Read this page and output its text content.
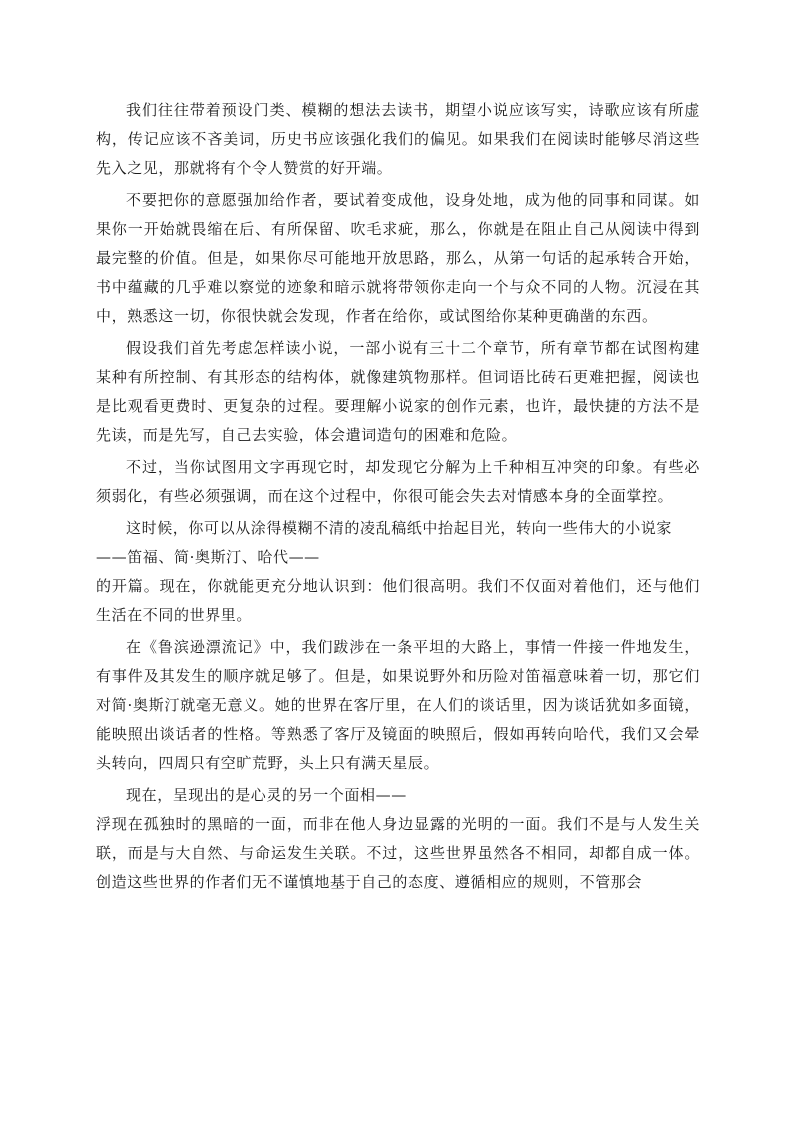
我们往往带着预设门类、模糊的想法去读书，期望小说应该写实，诗歌应该有所虚构，传记应该不吝美词，历史书应该强化我们的偏见。如果我们在阅读时能够尽消这些先入之见，那就将有个令人赞赏的好开端。

不要把你的意愿强加给作者，要试着变成他，设身处地，成为他的同事和同谋。如果你一开始就畏缩在后、有所保留、吹毛求疵，那么，你就是在阻止自己从阅读中得到最完整的价值。但是，如果你尽可能地开放思路，那么，从第一句话的起承转合开始，书中蕴藏的几乎难以察觉的迹象和暗示就将带领你走向一个与众不同的人物。沉浸在其中，熟悉这一切，你很快就会发现，作者在给你，或试图给你某种更确凿的东西。

假设我们首先考虑怎样读小说，一部小说有三十二个章节，所有章节都在试图构建某种有所控制、有其形态的结构体，就像建筑物那样。但词语比砖石更难把握，阅读也是比观看更费时、更复杂的过程。要理解小说家的创作元素，也许，最快捷的方法不是先读，而是先写，自己去实验，体会遣词造句的困难和危险。

不过，当你试图用文字再现它时，却发现它分解为上千种相互冲突的印象。有些必须弱化，有些必须强调，而在这个过程中，你很可能会失去对情感本身的全面掌控。

这时候，你可以从涂得模糊不清的凌乱稿纸中抬起目光，转向一些伟大的小说家
——笛福、简·奥斯汀、哈代——
的开篇。现在，你就能更充分地认识到：他们很高明。我们不仅面对着他们，还与他们生活在不同的世界里。

在《鲁滨逊漂流记》中，我们跋涉在一条平坦的大路上，事情一件接一件地发生，有事件及其发生的顺序就足够了。但是，如果说野外和历险对笛福意味着一切，那它们对简·奥斯汀就毫无意义。她的世界在客厅里，在人们的谈话里，因为谈话犹如多面镜，能映照出谈话者的性格。等熟悉了客厅及镜面的映照后，假如再转向哈代，我们又会晕头转向，四周只有空旷荒野，头上只有满天星辰。

现在，呈现出的是心灵的另一个面相——
浮现在孤独时的黑暗的一面，而非在他人身边显露的光明的一面。我们不是与人发生关联，而是与大自然、与命运发生关联。不过，这些世界虽然各不相同，却都自成一体。创造这些世界的作者们无不谨慎地基于自己的态度、遵循相应的规则，不管那会
